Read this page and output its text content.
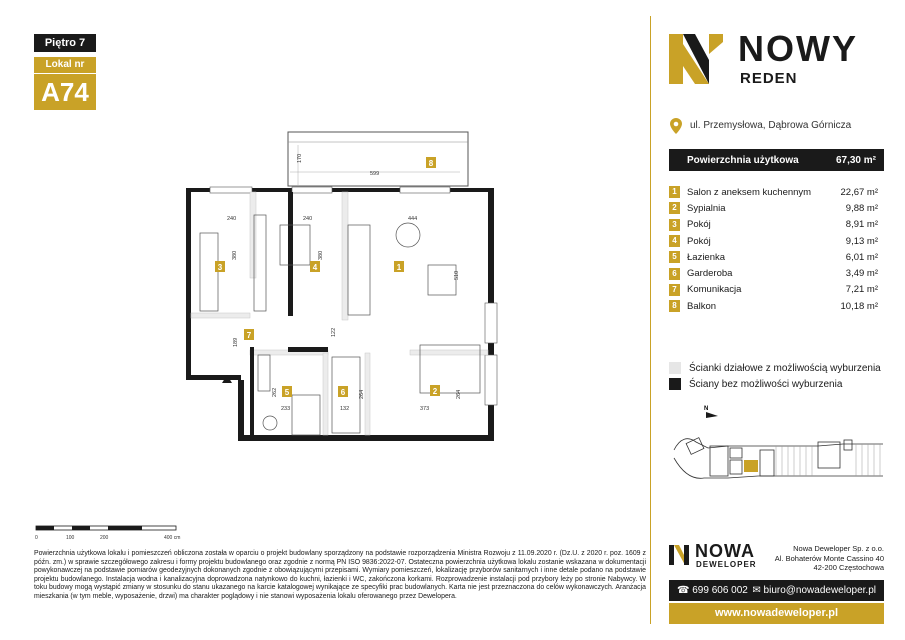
Piętro 7
Lokal nr
A74
NOWY
REDEN
ul. Przemysłowa, Dąbrowa Górnicza
Powierzchnia użytkowa	67,30 m²
1	Salon z aneksem kuchennym	22,67 m²
2	Sypialnia	9,88 m²
3	Pokój	8,91 m²
4	Pokój	9,13 m²
5	Łazienka	6,01 m²
6	Garderoba	3,49 m²
7	Komunikacja	7,21 m²
8	Balkon	10,18 m²
Ścianki działowe z możliwością wyburzenia
Ściany bez możliwości wyburzenia
N
599
170
240	240	444
380	380
510
122
189
262
233	132
264
373
264
1
2
3	4
5	6
7
8
0	100	200	400 cm
Powierzchnia użytkowa lokalu i pomieszczeń obliczona została w oparciu o projekt budowlany sporządzony na podstawie rozporządzenia Ministra Rozwoju z 11.09.2020 r. (Dz.U. z 2020 r. poz. 1609 z późn. zm.) w sprawie szczegółowego zakresu i formy projektu budowlanego oraz zgodnie z normą PN ISO 9836:2022-07. Ostateczna powierzchnia użytkowa lokalu zostanie wskazana w dokumentacji powykonawczej na podstawie pomiarów geodezyjnych dokonanych zgodnie z obowiązującymi przepisami. Wymiary pomieszczeń, lokalizację przyborów sanitarnych i inne detale podano na podstawie projektu budowlanego. Instalacja wodna i kanalizacyjna doprowadzona natynkowo do kuchni, łazienki i WC, zakończona korkami. Rozprowadzenie instalacji pod przybory leży po stronie Nabywcy. W toku budowy mogą wystąpić zmiany w stosunku do stanu ukazanego na karcie katalogowej wynikające ze specyfiki prac budowlanych. Karta nie jest przeznaczona do celów wykonawczych. Aranżacja mieszkania (w tym meble, wyposażenie, drzwi) ma charakter poglądowy i nie stanowi wyposażenia lokalu oferowanego przez Dewelopera.
NOWA
DEWELOPER
Nowa Deweloper Sp. z o.o.
Al. Bohaterów Monte Cassino 40
42-200 Częstochowa
☎ 699 606 002 ✉ biuro@nowadeweloper.pl
www.nowadeweloper.pl
